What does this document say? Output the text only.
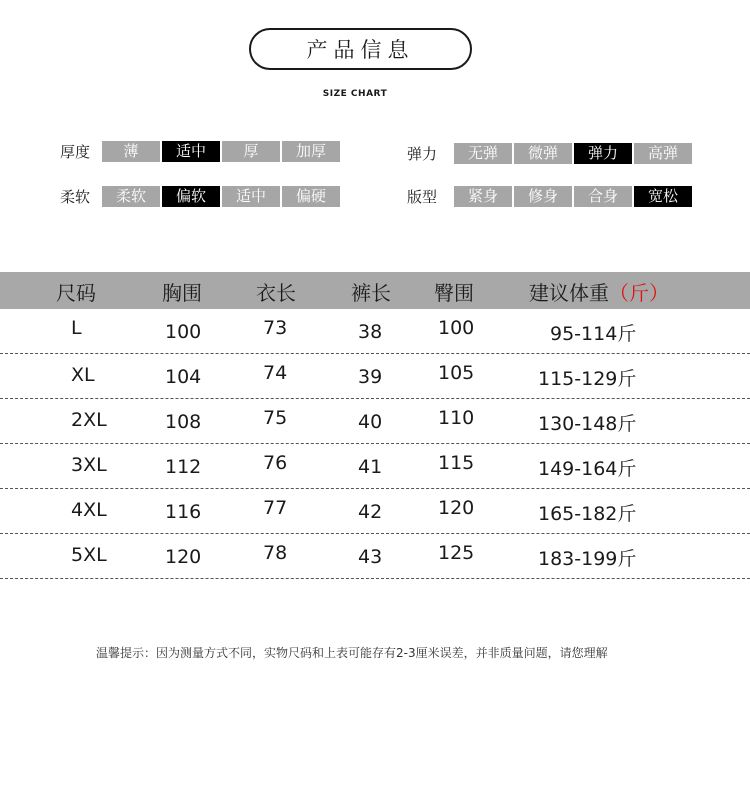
产品信息
SIZE CHART
厚度	薄	适中	厚	加厚
柔软	柔软	偏软	适中	偏硬
弹力	无弹	微弹	弹力	高弹
版型	紧身	修身	合身	宽松
尺码	胸围	衣长	裤长 臀围	建议体重（斤）
L	100	73	38	100	95-114斤
XL	104	74	39	105	115-129斤
2XL	108	75	40	110	130-148斤
3XL	112	76	41	115	149-164斤
4XL	116	77	42	120	165-182斤
5XL	120	78	43	125	183-199斤
温馨提示：因为测量方式不同，实物尺码和上表可能存有2-3厘米误差，并非质量问题，请您理解
